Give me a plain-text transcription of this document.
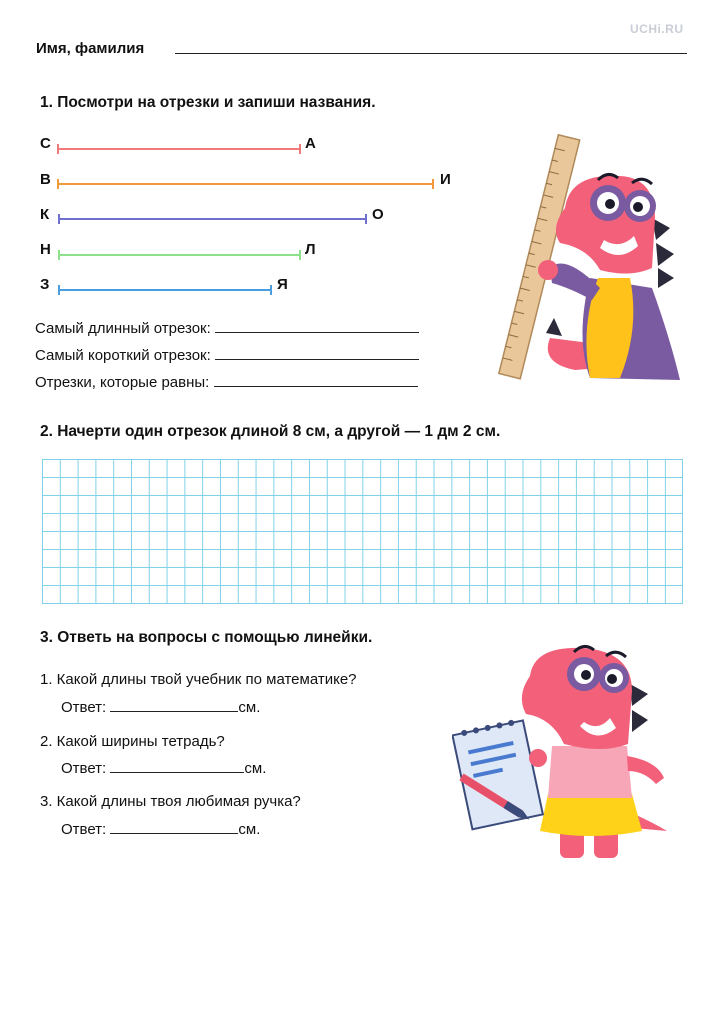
UCHi.RU
Имя, фамилия
1. Посмотри на отрезки и запиши названия.
С	А
В	И
К	О
Н	Л
З	Я
Самый длинный отрезок:
Самый короткий отрезок:
Отрезки, которые равны:
2. Начерти один отрезок длиной 8 см, а другой — 1 дм 2 см.
3. Ответь на вопросы с помощью линейки.
1. Какой длины твой учебник по математике?
Ответ:	см.
2. Какой ширины тетрадь?
Ответ:	см.
3. Какой длины твоя любимая ручка?
Ответ:	см.
